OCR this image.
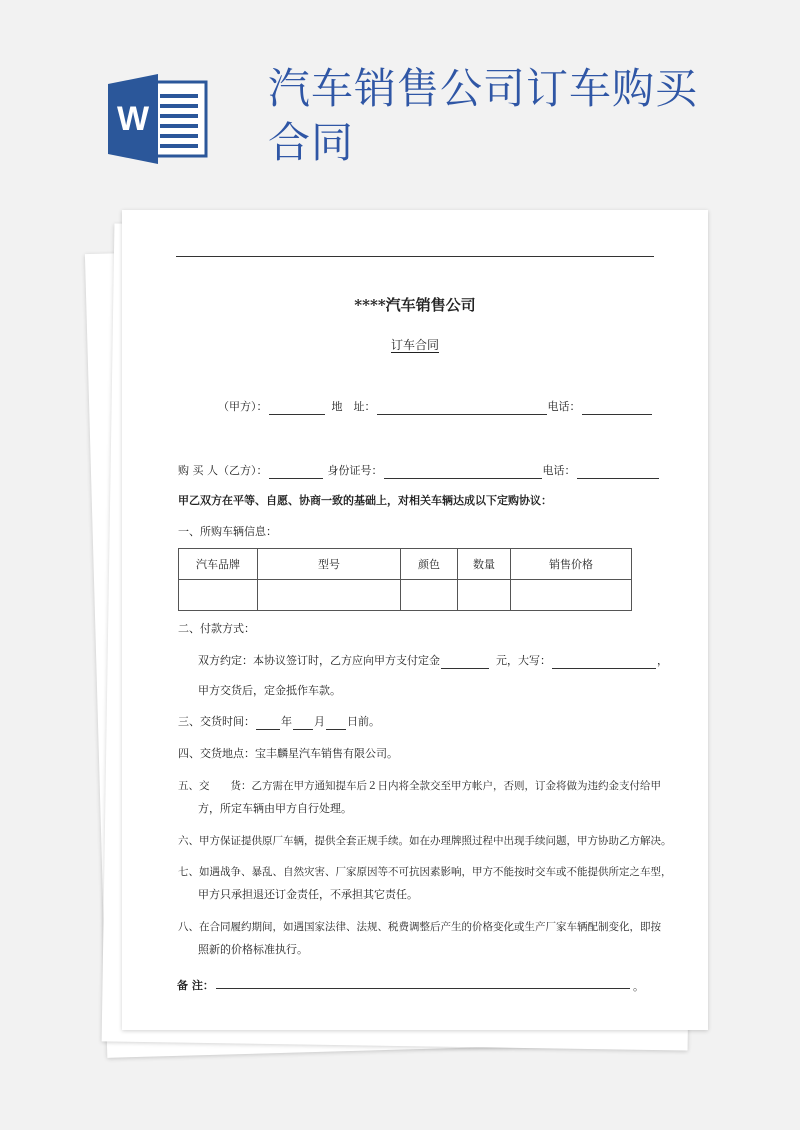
W
汽车销售公司订车购买
合同
****汽车销售公司
订车合同
（甲方）：	地　址：	电话：
购 买 人（乙方）：	身份证号：	电话：
甲乙双方在平等、自愿、协商一致的基础上，对相关车辆达成以下定购协议：
一、所购车辆信息：
汽车品牌	型号	颜色	数量	销售价格

二、付款方式：
双方约定：本协议签订时，乙方应向甲方支付定金	元，大写：	，
甲方交货后，定金抵作车款。
三、交货时间： 年 月 日前。
四、交货地点：宝丰麟星汽车销售有限公司。
五、交　　货：乙方需在甲方通知提车后２日内将全款交至甲方帐户，否则，订金将做为违约金支付给甲
方，所定车辆由甲方自行处理。
六、甲方保证提供原厂车辆，提供全套正规手续。如在办理牌照过程中出现手续问题，甲方协助乙方解决。
七、如遇战争、暴乱、自然灾害、厂家原因等不可抗因素影响，甲方不能按时交车或不能提供所定之车型，
甲方只承担退还订金责任，不承担其它责任。
八、在合同履约期间，如遇国家法律、法规、税费调整后产生的价格变化或生产厂家车辆配制变化，即按
照新的价格标准执行。
备 注：	。
